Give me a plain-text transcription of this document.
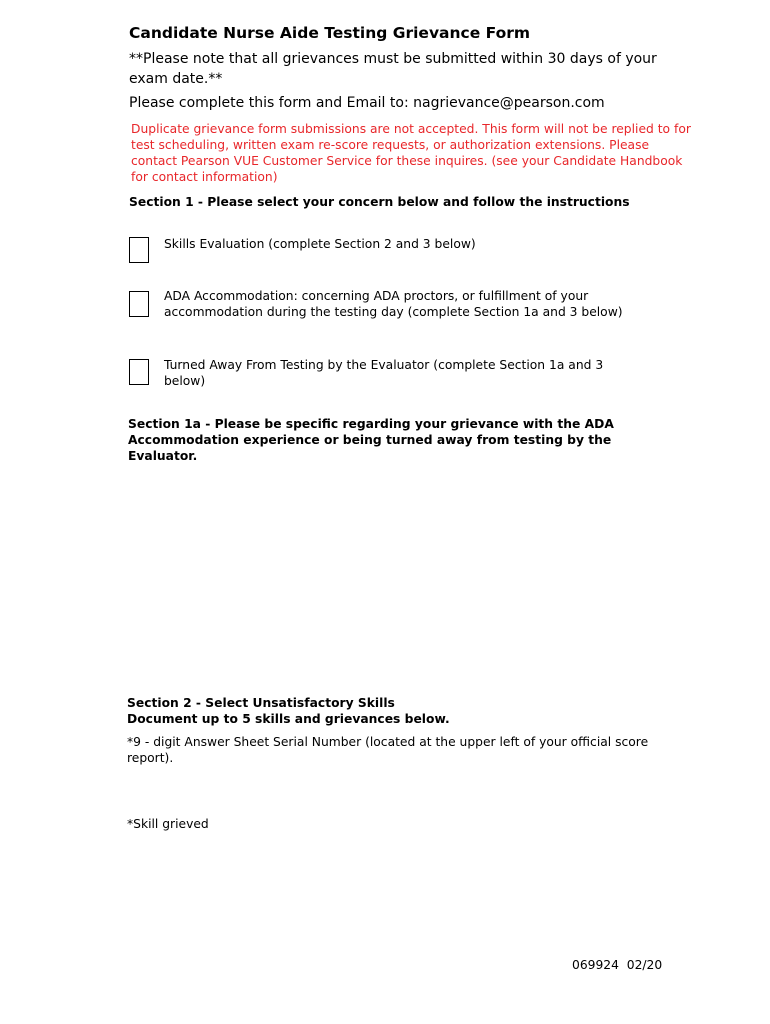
Candidate Nurse Aide Testing Grievance Form
**Please note that all grievances must be submitted within 30 days of your exam date.**
Please complete this form and Email to: nagrievance@pearson.com
Duplicate grievance form submissions are not accepted. This form will not be replied to for test scheduling, written exam re-score requests, or authorization extensions. Please contact Pearson VUE Customer Service for these inquires. (see your Candidate Handbook for contact information)
Section 1 - Please select your concern below and follow the instructions
Skills Evaluation (complete Section 2 and 3 below)
ADA Accommodation: concerning ADA proctors, or fulfillment of your accommodation during the testing day (complete Section 1a and 3 below)
Turned Away From Testing by the Evaluator (complete Section 1a and 3 below)
Section 1a - Please be specific regarding your grievance with the ADA Accommodation experience or being turned away from testing by the Evaluator.
Section 2 - Select Unsatisfactory Skills
Document up to 5 skills and grievances below.
*9 - digit Answer Sheet Serial Number (located at the upper left of your official score report).
*Skill grieved
069924  02/20
